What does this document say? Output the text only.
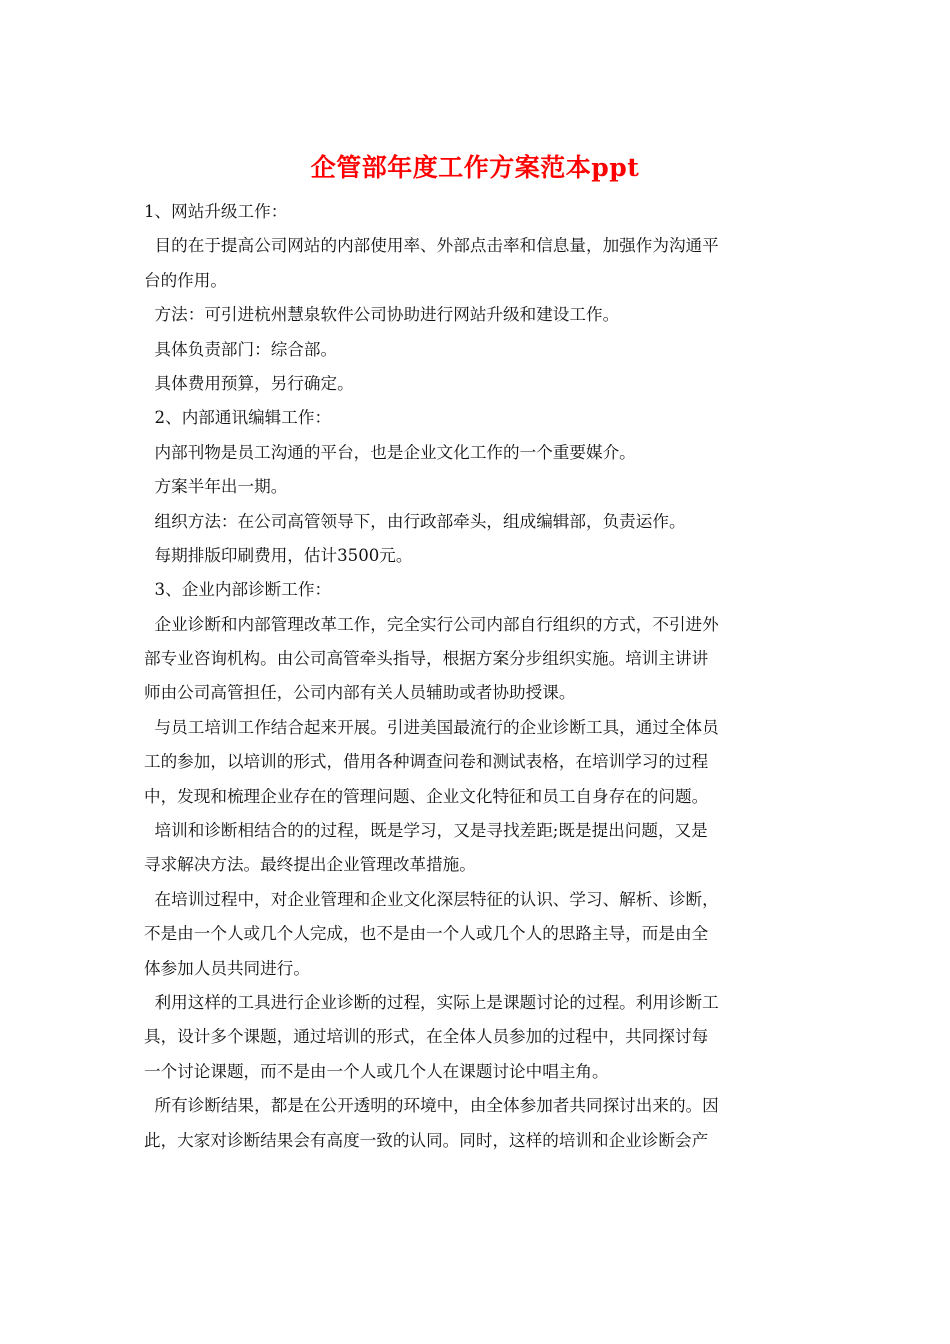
企管部年度工作方案范本ppt
1、网站升级工作：
目的在于提高公司网站的内部使用率、外部点击率和信息量，加强作为沟通平
台的作用。
方法：可引进杭州慧泉软件公司协助进行网站升级和建设工作。
具体负责部门：综合部。
具体费用预算，另行确定。
2、内部通讯编辑工作：
内部刊物是员工沟通的平台，也是企业文化工作的一个重要媒介。
方案半年出一期。
组织方法：在公司高管领导下，由行政部牵头，组成编辑部，负责运作。
每期排版印刷费用，估计3500元。
3、企业内部诊断工作：
企业诊断和内部管理改革工作，完全实行公司内部自行组织的方式，不引进外
部专业咨询机构。由公司高管牵头指导，根据方案分步组织实施。培训主讲讲
师由公司高管担任，公司内部有关人员辅助或者协助授课。
与员工培训工作结合起来开展。引进美国最流行的企业诊断工具，通过全体员
工的参加，以培训的形式，借用各种调查问卷和测试表格，在培训学习的过程
中，发现和梳理企业存在的管理问题、企业文化特征和员工自身存在的问题。
培训和诊断相结合的的过程，既是学习，又是寻找差距;既是提出问题，又是
寻求解决方法。最终提出企业管理改革措施。
在培训过程中，对企业管理和企业文化深层特征的认识、学习、解析、诊断，
不是由一个人或几个人完成，也不是由一个人或几个人的思路主导，而是由全
体参加人员共同进行。
利用这样的工具进行企业诊断的过程，实际上是课题讨论的过程。利用诊断工
具，设计多个课题，通过培训的形式，在全体人员参加的过程中，共同探讨每
一个讨论课题，而不是由一个人或几个人在课题讨论中唱主角。
所有诊断结果，都是在公开透明的环境中，由全体参加者共同探讨出来的。因
此，大家对诊断结果会有高度一致的认同。同时，这样的培训和企业诊断会产
